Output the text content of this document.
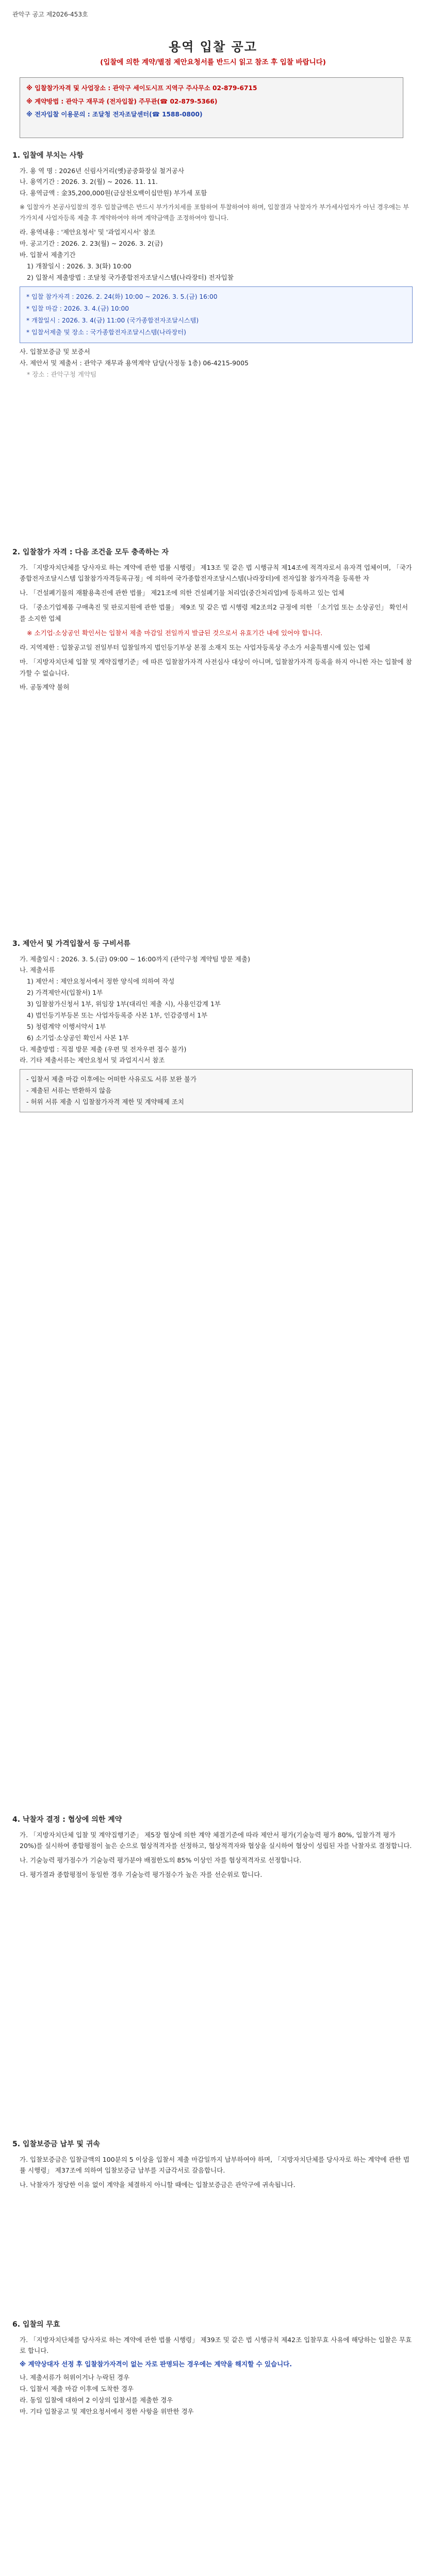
관악구 공고 제2026-453호
용역 입찰 공고
(입찰에 의한 계약/별점 제안요청서를 반드시 읽고 참조 후 입찰 바랍니다)
※ 입찰참가자격 및 사업장소 : 관악구 세이도시프 지역구 주사무소 02-879-6715
※ 계약방법 : 관악구 재무과 (전자입찰) 주무관(☎ 02-879-5366)
※ 전자입찰 이용문의 : 조달청 전자조달센터(☎ 1588-0800)
1. 입찰에 부치는 사항
가. 용 역 명 : 2026년 신림사거리(옛)공중화장실 철거공사
나. 용역기간 : 2026. 3. 2(월) ~ 2026. 11. 11.
다. 용역금액 : 金35,200,000원(금삼천오백이십만원) 부가세 포함
※ 입찰자가 본공사입찰의 경우 입찰금액은 반드시 부가가치세를 포함하여 투찰하여야 하며, 입찰결과 낙찰자가 부가세사업자가 아닌 경우에는 부가가치세 사업자등록 제출 후 계약하여야 하며 계약금액을 조정하여야 합니다.
라. 용역내용 : '제안요청서' 및 '과업지시서' 참조
마. 공고기간 : 2026. 2. 23(월) ~ 2026. 3. 2(금)
바. 입찰서 제출기간
1) 개찰일시 : 2026. 3. 3(화) 10:00
2) 입찰서 제출방법 : 조달청 국가종합전자조달시스템(나라장터) 전자입찰
* 입찰 참가자격 : 2026. 2. 24(화) 10:00 ~ 2026. 3. 5.(금) 16:00
* 입찰 마감 : 2026. 3. 4.(금) 10:00
* 개찰일시 : 2026. 3. 4(금) 11:00 (국가종합전자조달시스템)
* 입찰서제출 및 장소 : 국가종합전자조달시스템(나라장터)
사. 입찰보증금 및 보증서
사. 제안서 및 제출서 : 관악구 재무과 용역계약 담당(사정동 1층) 06-4215-9005
* 장소 : 관악구청 계약팀
2. 입찰참가 자격 : 다음 조건을 모두 충족하는 자
가. 「지방자치단체를 당사자로 하는 계약에 관한 법률 시행령」 제13조 및 같은 법 시행규칙 제14조에 적격자로서 유자격 업체이며, 「국가종합전자조달시스템 입찰참가자격등록규정」에 의하여 국가종합전자조달시스템(나라장터)에 전자입찰 참가자격을 등록한 자
나. 「건설폐기물의 재활용촉진에 관한 법률」 제21조에 의한 건설폐기물 처리업(중간처리업)에 등록하고 있는 업체
다. 「중소기업제품 구매촉진 및 판로지원에 관한 법률」 제9조 및 같은 법 시행령 제2조의2 규정에 의한 「소기업 또는 소상공인」 확인서를 소지한 업체
※ 소기업·소상공인 확인서는 입찰서 제출 마감일 전일까지 발급된 것으로서 유효기간 내에 있어야 합니다.
라. 지역제한 : 입찰공고일 전일부터 입찰일까지 법인등기부상 본점 소재지 또는 사업자등록상 주소가 서울특별시에 있는 업체
마. 「지방자치단체 입찰 및 계약집행기준」에 따른 입찰참가자격 사전심사 대상이 아니며, 입찰참가자격 등록을 하지 아니한 자는 입찰에 참가할 수 없습니다.
바. 공동계약 불허
3. 제안서 및 가격입찰서 등 구비서류
가. 제출일시 : 2026. 3. 5.(금) 09:00 ~ 16:00까지 (관악구청 계약팀 방문 제출)
나. 제출서류
1) 제안서 : 제안요청서에서 정한 양식에 의하여 작성
2) 가격제안서(입찰서) 1부
3) 입찰참가신청서 1부, 위임장 1부(대리인 제출 시), 사용인감계 1부
4) 법인등기부등본 또는 사업자등록증 사본 1부, 인감증명서 1부
5) 청렴계약 이행서약서 1부
6) 소기업·소상공인 확인서 사본 1부
다. 제출방법 : 직접 방문 제출 (우편 및 전자우편 접수 불가)
라. 기타 제출서류는 제안요청서 및 과업지시서 참조
- 입찰서 제출 마감 이후에는 어떠한 사유로도 서류 보완 불가
- 제출된 서류는 반환하지 않음
- 허위 서류 제출 시 입찰참가자격 제한 및 계약해제 조치
4. 낙찰자 결정 : 협상에 의한 계약
가. 「지방자치단체 입찰 및 계약집행기준」 제5장 협상에 의한 계약 체결기준에 따라 제안서 평가(기술능력 평가 80%, 입찰가격 평가 20%)를 실시하여 종합평점이 높은 순으로 협상적격자를 선정하고, 협상적격자와 협상을 실시하여 협상이 성립된 자를 낙찰자로 결정합니다.
나. 기술능력 평가점수가 기술능력 평가분야 배점한도의 85% 이상인 자를 협상적격자로 선정합니다.
다. 평가결과 종합평점이 동일한 경우 기술능력 평가점수가 높은 자를 선순위로 합니다.
5. 입찰보증금 납부 및 귀속
가. 입찰보증금은 입찰금액의 100분의 5 이상을 입찰서 제출 마감일까지 납부하여야 하며, 「지방자치단체를 당사자로 하는 계약에 관한 법률 시행령」 제37조에 의하여 입찰보증금 납부를 지급각서로 갈음합니다.
나. 낙찰자가 정당한 이유 없이 계약을 체결하지 아니할 때에는 입찰보증금은 관악구에 귀속됩니다.
6. 입찰의 무효
가. 「지방자치단체를 당사자로 하는 계약에 관한 법률 시행령」 제39조 및 같은 법 시행규칙 제42조 입찰무효 사유에 해당하는 입찰은 무효로 합니다.
※ 계약상대자 선정 후 입찰참가자격이 없는 자로 판명되는 경우에는 계약을 해지할 수 있습니다.
나. 제출서류가 허위이거나 누락된 경우
다. 입찰서 제출 마감 이후에 도착한 경우
라. 동일 입찰에 대하여 2 이상의 입찰서를 제출한 경우
마. 기타 입찰공고 및 제안요청서에서 정한 사항을 위반한 경우
